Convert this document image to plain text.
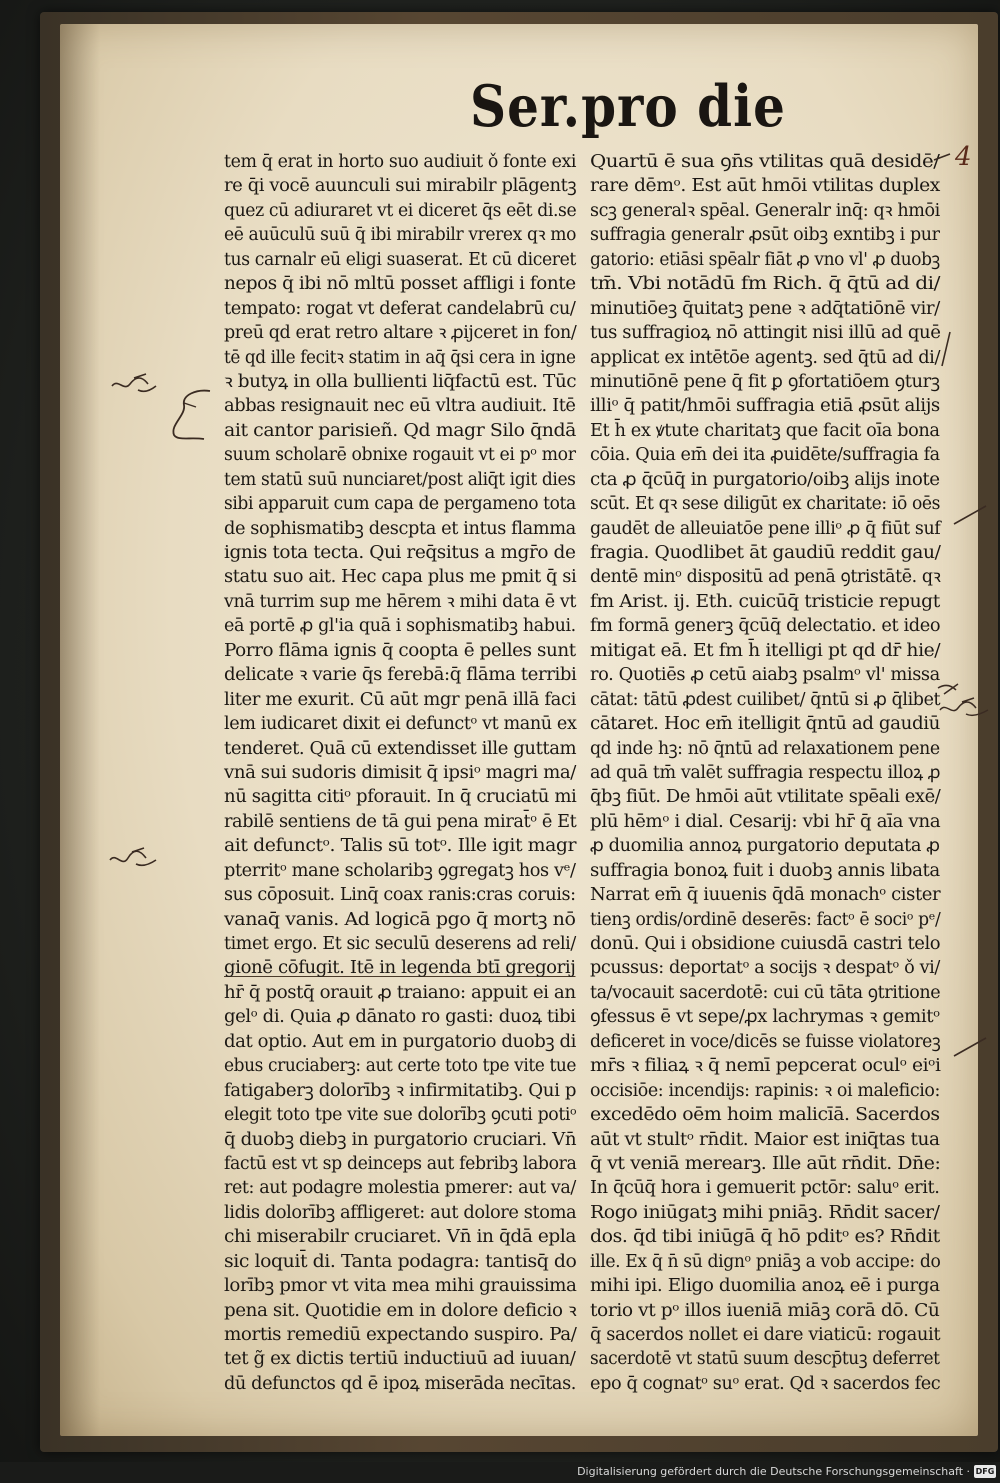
Ser.pro die
tem q̄ erat in horto suo audiuit ǒ fonte exi
re q̄i vocē auunculi sui mirabilr plāgentꝫ
quez cū adiuraret vt ei diceret q̄s eēt di.se
eē auūculū suū q̄ ibi mirabilr vrerex qꝛ mo
tus carnalr eū eligi suaserat. Et cū diceret
nepos q̄ ibi nō mltū posset affligi i fonte
tempato: rogat vt deferat candelabrū cu/
preū qd erat retro altare ꝛ ꝓijceret in fon/
tē qd ille fecitꝛ statim in aq̄ q̄si cera in igne
ꝛ butyꝝ in olla bullienti liq̄factū est. Tūc
abbas resignauit nec eū vltra audiuit. Itē
ait cantor parisieñ. Qd magr Silo q̄ndā
suum scholarē obnixe rogauit vt ei pᵒ mor
tem statū suū nunciaret/post aliq̄t igit dies
sibi apparuit cum capa de pergameno tota
de sophismatibꝫ descpta et intus flamma
ignis tota tecta. Qui req̄situs a mgr̄o de
statu suo ait. Hec capa plus me pmit q̄ si
vnā turrim sup me hērem ꝛ mihi data ē vt
eā portē ꝓ gl'ia quā i sophismatibꝫ habui.
Porro flāma ignis q̄ coopta ē pelles sunt
delicate ꝛ varie q̄s ferebā:q̄ flāma terribi
liter me exurit. Cū aūt mgr penā illā faci
lem iudicaret dixit ei defunctᵒ vt manū ex
tenderet. Quā cū extendisset ille guttam
vnā sui sudoris dimisit q̄ ipsiᵒ magri ma/
nū sagitta citiᵒ pforauit. In q̄ cruciatū mi
rabilē sentiens de tā gui pena mirat̄ᵒ ē Et
ait defunctᵒ. Talis sū totᵒ. Ille igit magr
pterritᵒ mane scholaribꝫ ꝯgregatꝫ hos vᵉ/
sus cōposuit. Linq̄ coax ranis:cras coruis:
vanaq̄ vanis. Ad logicā pgo q̄ mortꝫ nō
timet ergo. Et sic seculū deserens ad reli/
gionē cōfugit. Itē in legenda btī gregorij
hr̄ q̄ postq̄ orauit ꝓ traiano: appuit ei an
gelᵒ di. Quia ꝓ dānato ro gasti: duoꝝ tibi
dat optio. Aut em in purgatorio duobꝫ di
ebus cruciaberꝫ: aut certe toto tpe vite tue
fatigaberꝫ dolorībꝫ ꝛ infirmitatibꝫ. Qui p
elegit toto tpe vite sue dolorībꝫ ꝯcuti potiᵒ
q̄ duobꝫ diebꝫ in purgatorio cruciari. Vn̄
factū est vt sp deinceps aut febribꝫ labora
ret: aut podagre molestia pmerer: aut va/
lidis dolorībꝫ affligeret: aut dolore stoma
chi miserabilr cruciaret. Vn̄ in q̄dā epla
sic loquit̄ di. Tanta podagra: tantisq̄ do
lorībꝫ pmor vt vita mea mihi grauissima
pena sit. Quotidie em in dolore deficio ꝛ
mortis remediū expectando suspiro. Pa/
tet g̃ ex dictis tertiū inductiuū ad iuuan/
dū defunctos qd ē ipoꝝ miserāda necītas.
Quartū ē sua ꝯn̄s vtilitas quā desidē/
rare dēmᵒ. Est aūt hmōi vtilitas duplex
scꝫ generalꝛ spēal. Generalr inq̄: qꝛ hmōi
suffragia generalr ꝓsūt oibꝫ exntibꝫ i pur
gatorio: etiāsi spēalr fiāt ꝓ vno vl' ꝓ duobꝫ
tm̄. Vbi notādū fm Rich. q̄ q̄tū ad di/
minutiōeꝫ q̄uitatꝫ pene ꝛ adq̄tatiōnē vir/
tus suffragioꝝ nō attingit nisi illū ad quē
applicat ex intētōe agentꝫ. sed q̄tū ad di/
minutiōnē pene q̄ fit ꝑ ꝯfortatiōem ꝯturꝫ
illiᵒ q̄ patit/hmōi suffragia etiā ꝓsūt alijs
Et h̄ ex ꝟtute charitatꝫ que facit oīa bona
cōia. Quia em̄ dei ita ꝓuidēte/suffragia fa
cta ꝓ q̄cūq̄ in purgatorio/oibꝫ alijs inote
scūt. Et qꝛ sese diligūt ex charitate: iō oēs
gaudēt de alleuiatōe pene illiᵒ ꝓ q̄ fiūt suf
fragia. Quodlibet āt gaudiū reddit gau/
dentē minᵒ dispositū ad penā ꝯtristātē. qꝛ
fm Arist. ij. Eth. cuicūq̄ tristicie repugt
fm formā generꝫ q̄cūq̄ delectatio. et ideo
mitigat eā. Et fm h̄ itelligi pt qd dr̄ hie/
ro. Quotiēs ꝓ cetū aiabꝫ psalmᵒ vl' missa
cātat: tātū ꝓdest cuilibet/ q̄ntū si ꝓ q̄libet
cātaret. Hoc em̄ itelligit q̄ntū ad gaudiū
qd inde hꝫ: nō q̄ntū ad relaxationem pene
ad quā tm̄ valēt suffragia respectu illoꝝ ꝓ
q̄bꝫ fiūt. De hmōi aūt vtilitate spēali exē/
plū hēmᵒ i dial. Cesarij: vbi hr̄ q̄ aīa vna
ꝓ duomilia annoꝝ purgatorio deputata ꝓ
suffragia bonoꝝ fuit i duobꝫ annis libata
Narrat em̄ q̄ iuuenis q̄dā monachᵒ cister
tienꝫ ordis/ordinē deserēs: factᵒ ē sociᵒ pᵉ/
donū. Qui i obsidione cuiusdā castri telo
pcussus: deportatᵒ a socijs ꝛ despatᵒ ǒ vi/
ta/vocauit sacerdotē: cui cū tāta ꝯtritione
ꝯfessus ē vt sepe/ꝓx lachrymas ꝛ gemitᵒ
deficeret in voce/dicēs se fuisse violatoreꝫ
mr̄s ꝛ filiaꝝ ꝛ q̄ nemī pepcerat oculᵒ eiᵒi
occisiōe: incendijs: rapinis: ꝛ oi maleficio:
excedēdo oēm hoim malicīā. Sacerdos
aūt vt stultᵒ rn̄dit. Maior est iniq̄tas tua
q̄ vt veniā merearꝫ. Ille aūt rn̄dit. Dn̄e:
In q̄cūq̄ hora i gemuerit pctōr: saluᵒ erit.
Rogo iniūgatꝫ mihi pniāꝫ. Rn̄dit sacer/
dos. q̄d tibi iniūgā q̄ hō pditᵒ es? Rn̄dit
ille. Ex q̄ n̄ sū dignᵒ pniāꝫ a vob accipe: do
mihi ipi. Eligo duomilia anoꝝ eē i purga
torio vt pᵒ illos iueniā miāꝫ corā dō. Cū
q̄ sacerdos nollet ei dare viaticū: rogauit
sacerdotē vt statū suum descp̄tuꝫ deferret
epo q̄ cognatᵒ suᵒ erat. Qd ꝛ sacerdos fec
4
Digitalisierung gefördert durch die Deutsche Forschungsgemeinschaft · DFG
